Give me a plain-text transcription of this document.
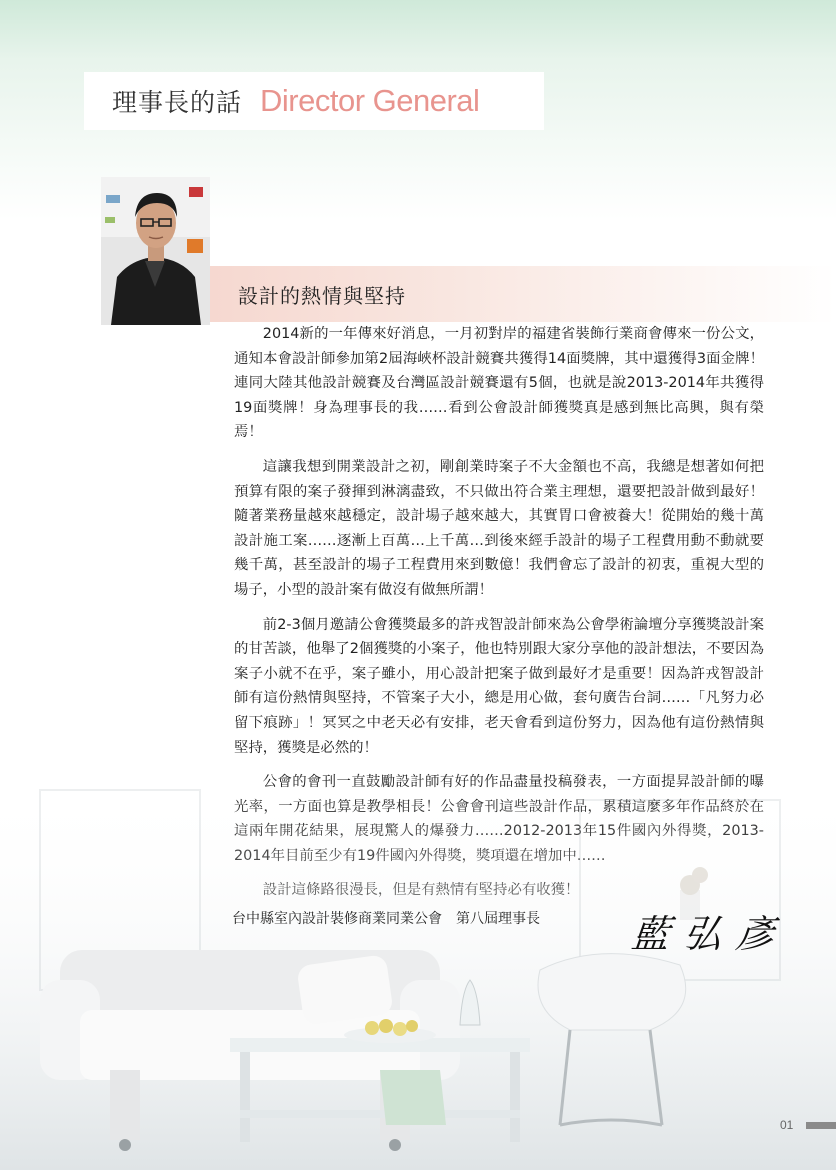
理事長的話 Director General
設計的熱情與堅持

2014新的一年傳來好消息，一月初對岸的福建省裝飾行業商會傳來一份公文，通知本會設計師參加第2屆海峽杯設計競賽共獲得14面獎牌，其中還獲得3面金牌！連同大陸其他設計競賽及台灣區設計競賽還有5個，也就是說2013-2014年共獲得19面獎牌！身為理事長的我……看到公會設計師獲獎真是感到無比高興，與有榮焉！

這讓我想到開業設計之初，剛創業時案子不大金額也不高，我總是想著如何把預算有限的案子發揮到淋漓盡致，不只做出符合業主理想，還要把設計做到最好！隨著業務量越來越穩定，設計場子越來越大，其實胃口會被養大！從開始的幾十萬設計施工案……逐漸上百萬…上千萬…到後來經手設計的場子工程費用動不動就要幾千萬，甚至設計的場子工程費用來到數億！我們會忘了設計的初衷，重視大型的場子，小型的設計案有做沒有做無所謂！

前2-3個月邀請公會獲獎最多的許戎智設計師來為公會學術論壇分享獲獎設計案的甘苦談，他舉了2個獲獎的小案子，他也特別跟大家分享他的設計想法，不要因為案子小就不在乎，案子雖小，用心設計把案子做到最好才是重要！因為許戎智設計師有這份熱情與堅持，不管案子大小，總是用心做，套句廣告台詞……「凡努力必留下痕跡」！冥冥之中老天必有安排，老天會看到這份努力，因為他有這份熱情與堅持，獲獎是必然的！

台中縣室內設計裝修商業同業公會　第八屆理事長 藍弘彥
01
